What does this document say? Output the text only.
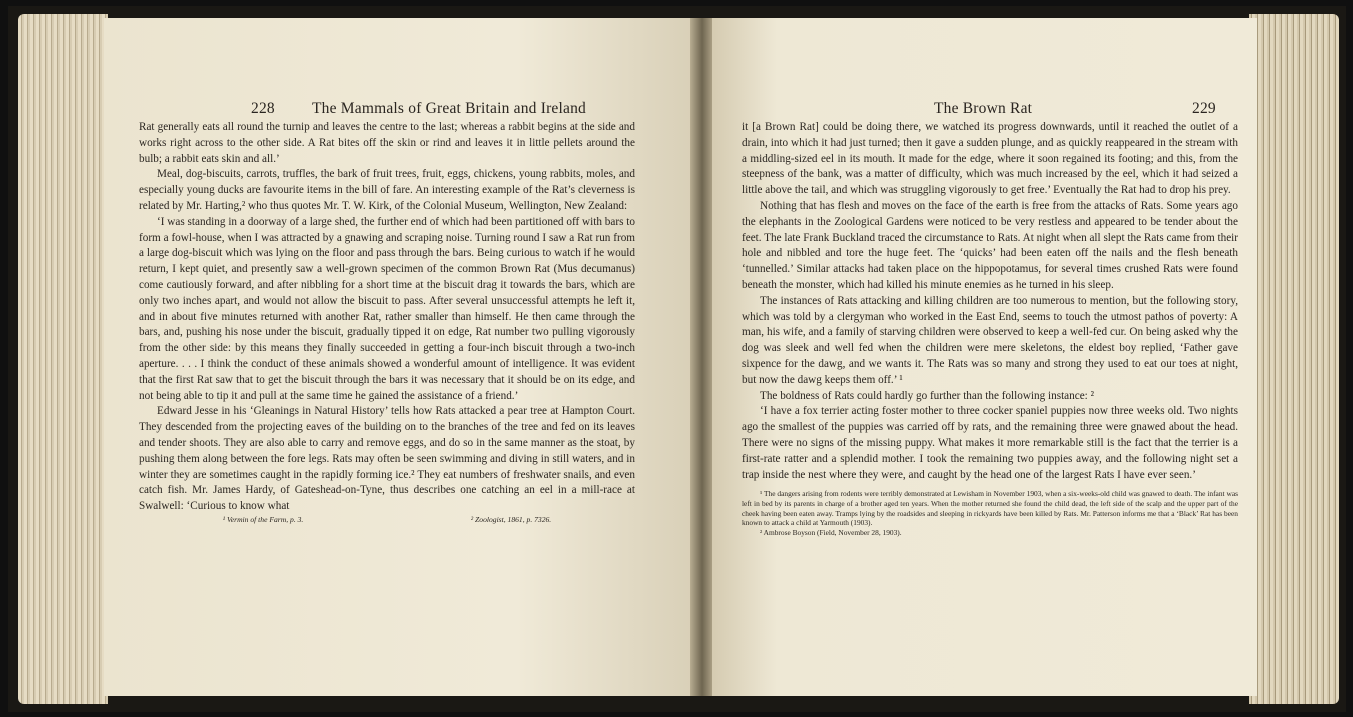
228 The Mammals of Great Britain and Ireland

Rat generally eats all round the turnip and leaves the centre to the last; whereas a rabbit begins at the side and works right across to the other side. A Rat bites off the skin or rind and leaves it in little pellets around the bulb; a rabbit eats skin and all.’

Meal, dog-biscuits, carrots, truffles, the bark of fruit trees, fruit, eggs, chickens, young rabbits, moles, and especially young ducks are favourite items in the bill of fare. An interesting example of the Rat’s cleverness is related by Mr. Harting,² who thus quotes Mr. T. W. Kirk, of the Colonial Museum, Wellington, New Zealand:

‘I was standing in a doorway of a large shed, the further end of which had been partitioned off with bars to form a fowl-house, when I was attracted by a gnawing and scraping noise. Turning round I saw a Rat run from a large dog-biscuit which was lying on the floor and pass through the bars. Being curious to watch if he would return, I kept quiet, and presently saw a well-grown specimen of the common Brown Rat (Mus decumanus) come cautiously forward, and after nibbling for a short time at the biscuit drag it towards the bars, which are only two inches apart, and would not allow the biscuit to pass. After several unsuccessful attempts he left it, and in about five minutes returned with another Rat, rather smaller than himself. He then came through the bars, and, pushing his nose under the biscuit, gradually tipped it on edge, Rat number two pulling vigorously from the other side: by this means they finally succeeded in getting a four-inch biscuit through a two-inch aperture. . . . I think the conduct of these animals showed a wonderful amount of intelligence. It was evident that the first Rat saw that to get the biscuit through the bars it was necessary that it should be on its edge, and not being able to tip it and pull at the same time he gained the assistance of a friend.’

Edward Jesse in his ‘Gleanings in Natural History’ tells how Rats attacked a pear tree at Hampton Court. They descended from the projecting eaves of the building on to the branches of the tree and fed on its leaves and tender shoots. They are also able to carry and remove eggs, and do so in the same manner as the stoat, by pushing them along between the fore legs. Rats may often be seen swimming and diving in still waters, and in winter they are sometimes caught in the rapidly forming ice.² They eat numbers of freshwater snails, and even catch fish. Mr. James Hardy, of Gateshead-on-Tyne, thus describes one catching an eel in a mill-race at Swalwell: ‘Curious to know what

¹ Vermin of the Farm, p. 3.	² Zoologist, 1861, p. 7326.
The Brown Rat	229

it [a Brown Rat] could be doing there, we watched its progress downwards, until it reached the outlet of a drain, into which it had just turned; then it gave a sudden plunge, and as quickly reappeared in the stream with a middling-sized eel in its mouth. It made for the edge, where it soon regained its footing; and this, from the steepness of the bank, was a matter of difficulty, which was much increased by the eel, which it had seized a little above the tail, and which was struggling vigorously to get free.’ Eventually the Rat had to drop his prey.

Nothing that has flesh and moves on the face of the earth is free from the attacks of Rats. Some years ago the elephants in the Zoological Gardens were noticed to be very restless and appeared to be tender about the feet. The late Frank Buckland traced the circumstance to Rats. At night when all slept the Rats came from their hole and nibbled and tore the huge feet. The ‘quicks’ had been eaten off the nails and the flesh beneath ‘tunnelled.’ Similar attacks had taken place on the hippopotamus, for several times crushed Rats were found beneath the monster, which had killed his minute enemies as he turned in his sleep.

The instances of Rats attacking and killing children are too numerous to mention, but the following story, which was told by a clergyman who worked in the East End, seems to touch the utmost pathos of poverty: A man, his wife, and a family of starving children were observed to keep a well-fed cur. On being asked why the dog was sleek and well fed when the children were mere skeletons, the eldest boy replied, ‘Father gave sixpence for the dawg, and we wants it. The Rats was so many and strong they used to eat our toes at night, but now the dawg keeps them off.’ ¹

The boldness of Rats could hardly go further than the following instance: ²

‘I have a fox terrier acting foster mother to three cocker spaniel puppies now three weeks old. Two nights ago the smallest of the puppies was carried off by rats, and the remaining three were gnawed about the head. There were no signs of the missing puppy. What makes it more remarkable still is the fact that the terrier is a first-rate ratter and a splendid mother. I took the remaining two puppies away, and the following night set a trap inside the nest where they were, and caught by the head one of the largest Rats I have ever seen.’

¹ The dangers arising from rodents were terribly demonstrated at Lewisham in November 1903, when a six-weeks-old child was gnawed to death. The infant was left in bed by its parents in charge of a brother aged ten years. When the mother returned she found the child dead, the left side of the scalp and the upper part of the cheek having been eaten away. Tramps lying by the roadsides and sleeping in rickyards have been killed by Rats. Mr. Patterson informs me that a ‘Black’ Rat has been known to attack a child at Yarmouth (1903).

² Ambrose Boyson (Field, November 28, 1903).
